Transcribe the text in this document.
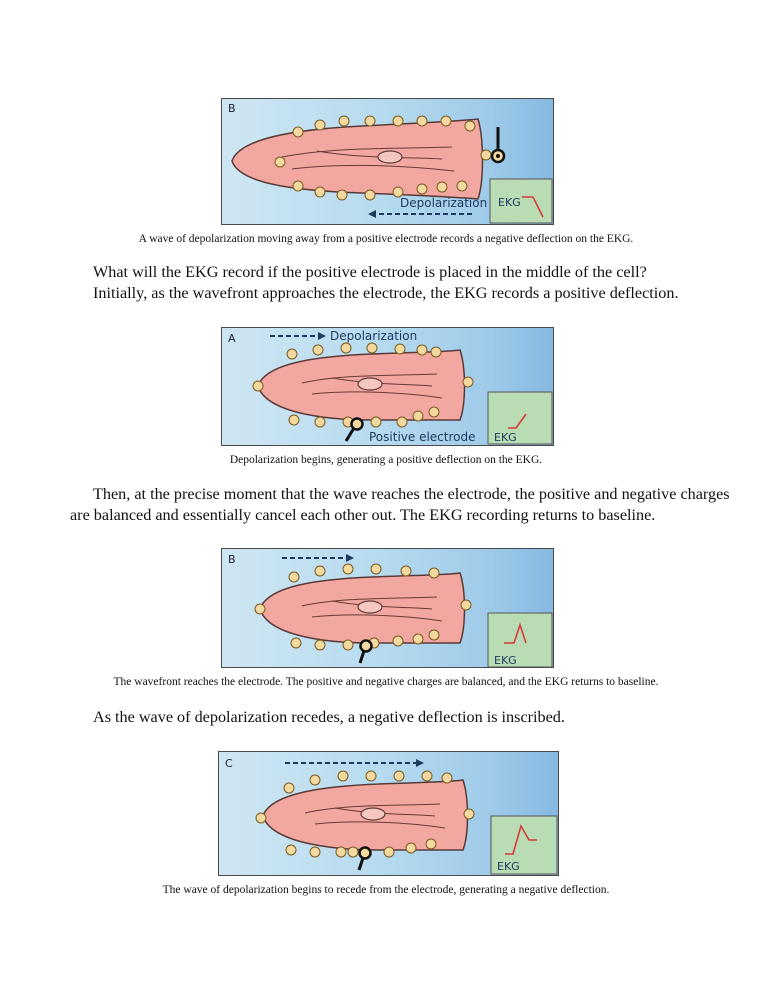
Depolarization
B
EKG
A wave of depolarization moving away from a positive electrode records a negative deflection on the EKG.

What will the EKG record if the positive electrode is placed in the middle of the cell?

Initially, as the wavefront approaches the electrode, the EKG records a positive deflection.

Depolarization
Positive electrode
A
EKG
Depolarization begins, generating a positive deflection on the EKG.

Then, at the precise moment that the wave reaches the electrode, the positive and negative charges

are balanced and essentially cancel each other out. The EKG recording returns to baseline.

B
EKG
The wavefront reaches the electrode. The positive and negative charges are balanced, and the EKG returns to baseline.

As the wave of depolarization recedes, a negative deflection is inscribed.

C
EKG
The wave of depolarization begins to recede from the electrode, generating a negative deflection.
